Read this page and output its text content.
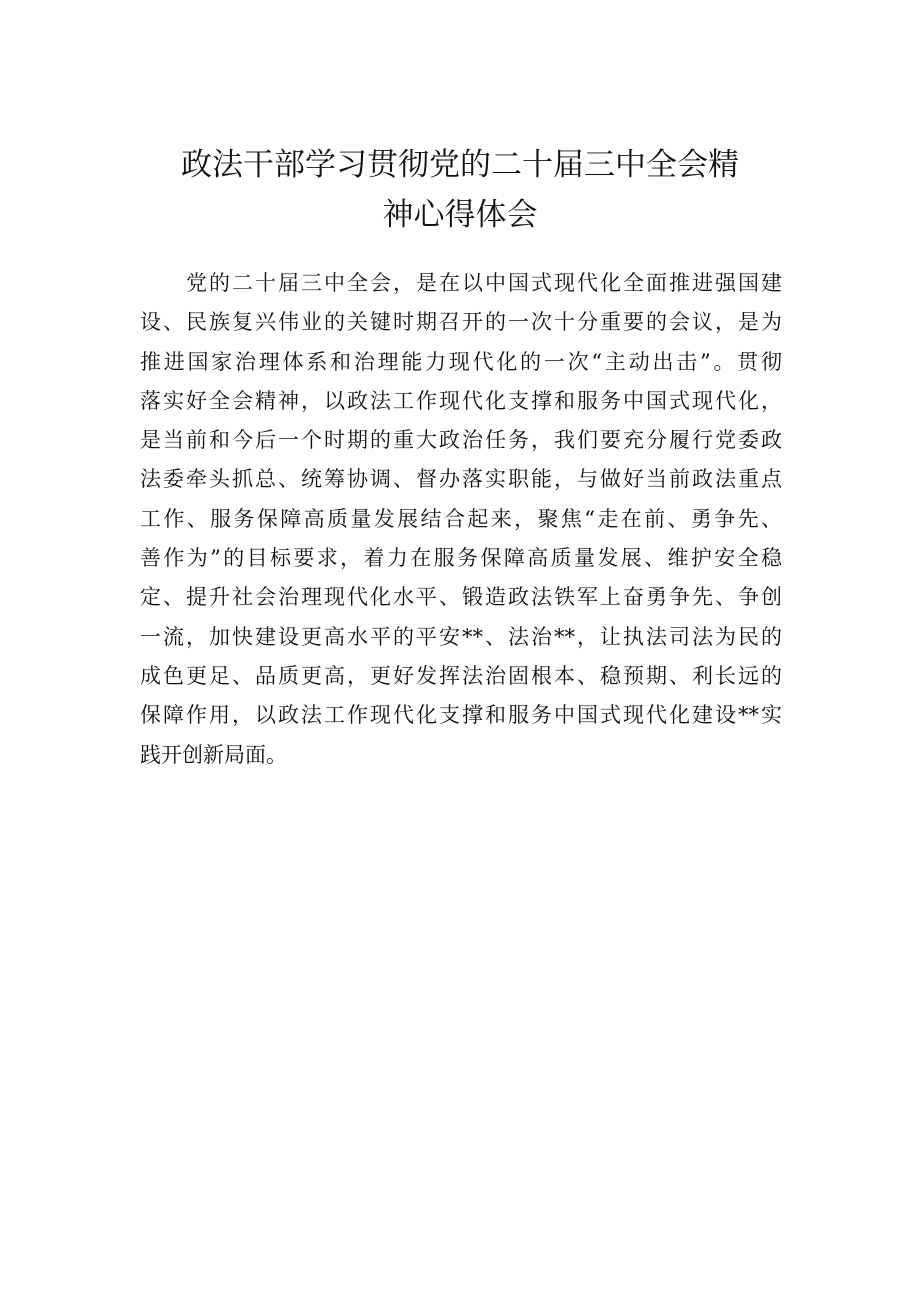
政法干部学习贯彻党的二十届三中全会精
神心得体会
党的二十届三中全会，是在以中国式现代化全面推进强国建
设、民族复兴伟业的关键时期召开的一次十分重要的会议，是为
推进国家治理体系和治理能力现代化的一次“主动出击”。贯彻
落实好全会精神，以政法工作现代化支撑和服务中国式现代化，
是当前和今后一个时期的重大政治任务，我们要充分履行党委政
法委牵头抓总、统筹协调、督办落实职能，与做好当前政法重点
工作、服务保障高质量发展结合起来，聚焦“走在前、勇争先、
善作为”的目标要求，着力在服务保障高质量发展、维护安全稳
定、提升社会治理现代化水平、锻造政法铁军上奋勇争先、争创
一流，加快建设更高水平的平安**、法治**，让执法司法为民的
成色更足、品质更高，更好发挥法治固根本、稳预期、利长远的
保障作用，以政法工作现代化支撑和服务中国式现代化建设**实
践开创新局面。
